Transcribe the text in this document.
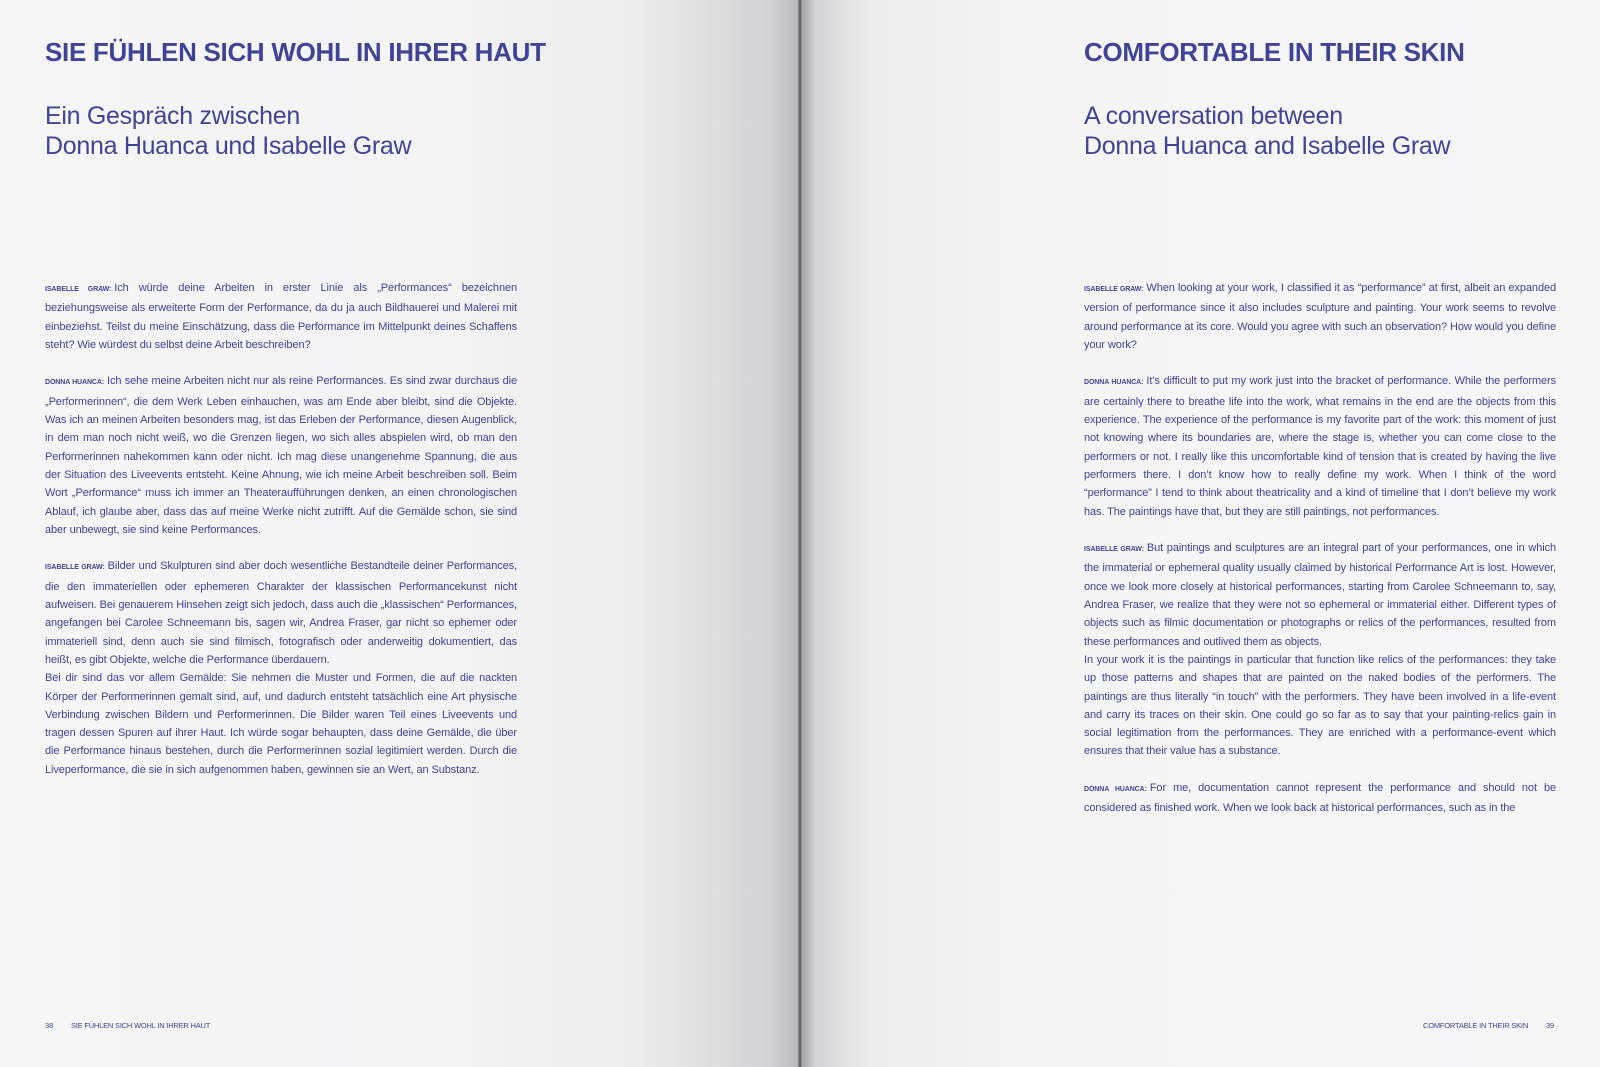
SIE FÜHLEN SICH WOHL IN IHRER HAUT
Ein Gespräch zwischen
Donna Huanca und Isabelle Graw

ISABELLE GRAW: Ich würde deine Arbeiten in erster Linie als „Performances“ bezeichnen beziehungsweise als erweiterte Form der Performance, da du ja auch Bildhauerei und Malerei mit einbeziehst. Teilst du meine Einschätzung, dass die Performance im Mittelpunkt deines Schaffens steht? Wie würdest du selbst deine Arbeit beschreiben?

DONNA HUANCA: Ich sehe meine Arbeiten nicht nur als reine Performances. Es sind zwar durchaus die „Performerinnen“, die dem Werk Leben einhauchen, was am Ende aber bleibt, sind die Objekte. Was ich an meinen Arbeiten besonders mag, ist das Erleben der Performance, diesen Augenblick, in dem man noch nicht weiß, wo die Grenzen liegen, wo sich alles abspielen wird, ob man den Performerinnen nahekommen kann oder nicht. Ich mag diese unangenehme Spannung, die aus der Situation des Liveevents entsteht. Keine Ahnung, wie ich meine Arbeit beschreiben soll. Beim Wort „Performance“ muss ich immer an Theateraufführungen denken, an einen chronologischen Ablauf, ich glaube aber, dass das auf meine Werke nicht zutrifft. Auf die Gemälde schon, sie sind aber unbewegt, sie sind keine Performances.

ISABELLE GRAW: Bilder und Skulpturen sind aber doch wesentliche Bestandteile deiner Performances, die den immateriellen oder ephemeren Charakter der klassischen Performancekunst nicht aufweisen. Bei genauerem Hinsehen zeigt sich jedoch, dass auch die „klassischen“ Performances, angefangen bei Carolee Schneemann bis, sagen wir, Andrea Fraser, gar nicht so ephemer oder immateriell sind, denn auch sie sind filmisch, fotografisch oder anderweitig dokumentiert, das heißt, es gibt Objekte, welche die Performance überdauern.

Bei dir sind das vor allem Gemälde: Sie nehmen die Muster und Formen, die auf die nackten Körper der Performerinnen gemalt sind, auf, und dadurch entsteht tatsächlich eine Art physische Verbindung zwischen Bildern und Performerinnen. Die Bilder waren Teil eines Liveevents und tragen dessen Spuren auf ihrer Haut. Ich würde sogar behaupten, dass deine Gemälde, die über die Performance hinaus bestehen, durch die Performerinnen sozial legitimiert werden. Durch die Liveperformance, die sie in sich aufgenommen haben, gewinnen sie an Wert, an Substanz.

38 SIE FÜHLEN SICH WOHL IN IHRER HAUT
COMFORTABLE IN THEIR SKIN
A conversation between
Donna Huanca and Isabelle Graw

ISABELLE GRAW: When looking at your work, I classified it as “performance” at first, albeit an expanded version of performance since it also includes sculpture and painting. Your work seems to revolve around performance at its core. Would you agree with such an observation? How would you define your work?

DONNA HUANCA: It’s difficult to put my work just into the bracket of performance. While the performers are certainly there to breathe life into the work, what remains in the end are the objects from this experience. The experience of the performance is my favorite part of the work: this moment of just not knowing where its boundaries are, where the stage is, whether you can come close to the performers or not. I really like this uncomfortable kind of tension that is created by having the live performers there. I don’t know how to really define my work. When I think of the word “performance” I tend to think about theatricality and a kind of timeline that I don’t believe my work has. The paintings have that, but they are still paintings, not performances.

ISABELLE GRAW: But paintings and sculptures are an integral part of your performances, one in which the immaterial or ephemeral quality usually claimed by historical Performance Art is lost. However, once we look more closely at historical performances, starting from Carolee Schneemann to, say, Andrea Fraser, we realize that they were not so ephemeral or immaterial either. Different types of objects such as filmic documentation or photographs or relics of the performances, resulted from these performances and outlived them as objects.

In your work it is the paintings in particular that function like relics of the performances: they take up those patterns and shapes that are painted on the naked bodies of the performers. The paintings are thus literally “in touch” with the performers. They have been involved in a life-event and carry its traces on their skin. One could go so far as to say that your painting-relics gain in social legitimation from the performances. They are enriched with a performance-event which ensures that their value has a substance.

DONNA HUANCA: For me, documentation cannot represent the performance and should not be considered as finished work. When we look back at historical performances, such as in the

COMFORTABLE IN THEIR SKIN 39
